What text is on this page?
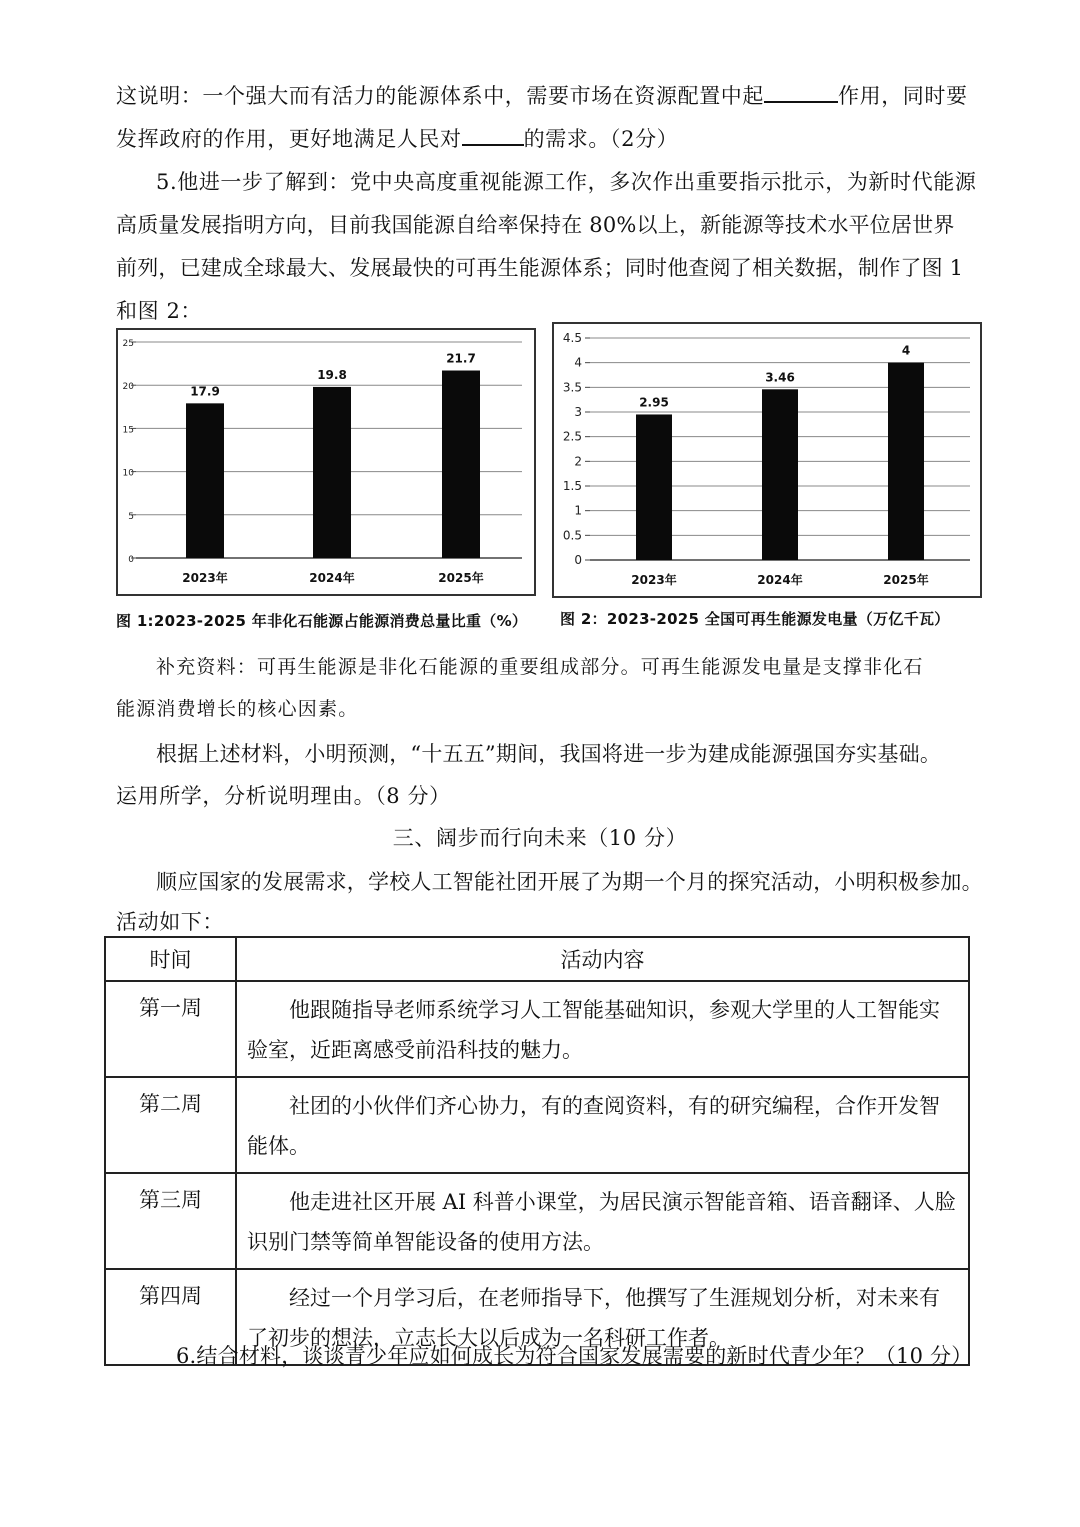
这说明：一个强大而有活力的能源体系中，需要市场在资源配置中起	作用，同时要
发挥政府的作用，更好地满足人民对	的需求。（2分）
5.他进一步了解到：党中央高度重视能源工作，多次作出重要指示批示，为新时代能源
高质量发展指明方向，目前我国能源自给率保持在 80%以上，新能源等技术水平位居世界
前列，已建成全球最大、发展最快的可再生能源体系；同时他查阅了相关数据，制作了图 1
和图 2：
0
5
10
15
20
25
17.9
2023年
19.8
2024年
21.7
2025年
0
0.5
1
1.5
2
2.5
3
3.5
4
4.5
2.95
2023年
3.46
2024年
4
2025年
图 1:2023-2025 年非化石能源占能源消费总量比重（%） 图 2：2023-2025 全国可再生能源发电量（万亿千瓦）
补充资料：可再生能源是非化石能源的重要组成部分。可再生能源发电量是支撑非化石
能源消费增长的核心因素。
根据上述材料，小明预测，“十五五”期间，我国将进一步为建成能源强国夯实基础。
运用所学，分析说明理由。（8 分）
三、阔步而行向未来（10 分）
顺应国家的发展需求，学校人工智能社团开展了为期一个月的探究活动，小明积极参加。
活动如下：
时间	活动内容
第一周	他跟随指导老师系统学习人工智能基础知识，参观大学里的人工智能实验室，近距离感受前沿科技的魅力。
第二周	社团的小伙伴们齐心协力，有的查阅资料，有的研究编程，合作开发智能体。
第三周	他走进社区开展 AI 科普小课堂，为居民演示智能音箱、语音翻译、人脸识别门禁等简单智能设备的使用方法。
第四周	经过一个月学习后，在老师指导下，他撰写了生涯规划分析，对未来有了初步的想法，立志长大以后成为一名科研工作者。
6.结合材料，谈谈青少年应如何成长为符合国家发展需要的新时代青少年？（10 分）
